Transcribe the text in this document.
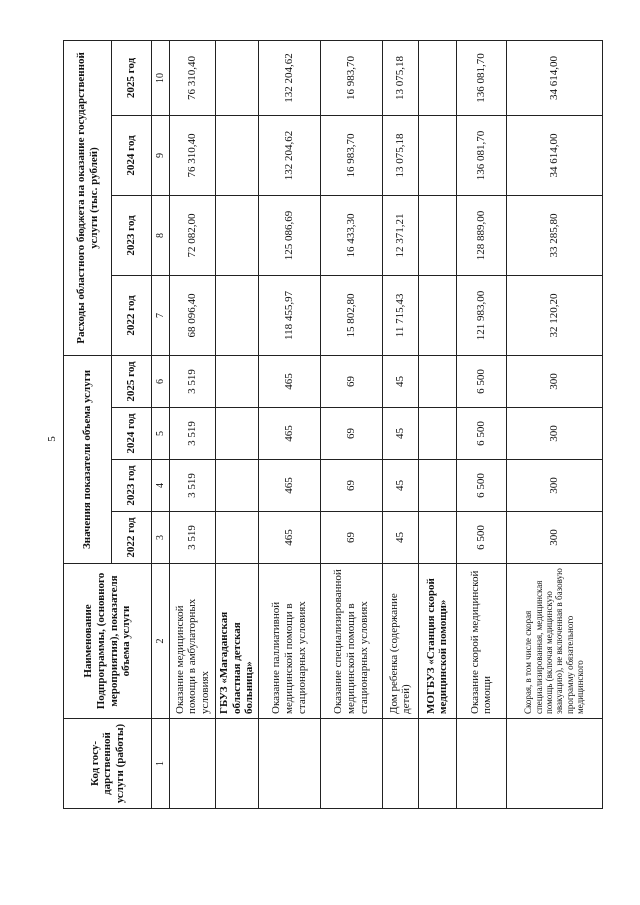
5
Код госу-дарственной услуги (работы)	Наименование Подпрограммы, (основного мероприятия), показателя объема услуги	Значения показатели объема услуги				Расходы областного бюджета на оказание государственной услуги (тыс. рублей)			
		2022 год	2023 год	2024 год	2025 год	2022 год	2023 год	2024 год	2025 год
1	2	3	4	5	6	7	8	9	10
	Оказание медицинской помощи в амбулаторных условиях	3 519	3 519	3 519	3 519	68 096,40	72 082,00	76 310,40	76 310,40
	ГБУЗ «Магаданская областная детская больница»								
	Оказание паллиативной медицинской помощи в стационарных условиях	465	465	465	465	118 455,97	125 086,69	132 204,62	132 204,62
	Оказание специализированной медицинской помощи в стационарных условиях	69	69	69	69	15 802,80	16 433,30	16 983,70	16 983,70
	Дом ребенка (содержание детей)	45	45	45	45	11 715,43	12 371,21	13 075,18	13 075,18
	МОГБУЗ «Станция скорой медицинской помощи»								
	Оказание скорой медицинской помощи	6 500	6 500	6 500	6 500	121 983,00	128 889,00	136 081,70	136 081,70
	Скорая, в том числе скорая специализированная, медицинская помощь (включая медицинскую эвакуацию), не включенная в базовую программу обязательного медицинского	300	300	300	300	32 120,20	33 285,80	34 614,00	34 614,00
